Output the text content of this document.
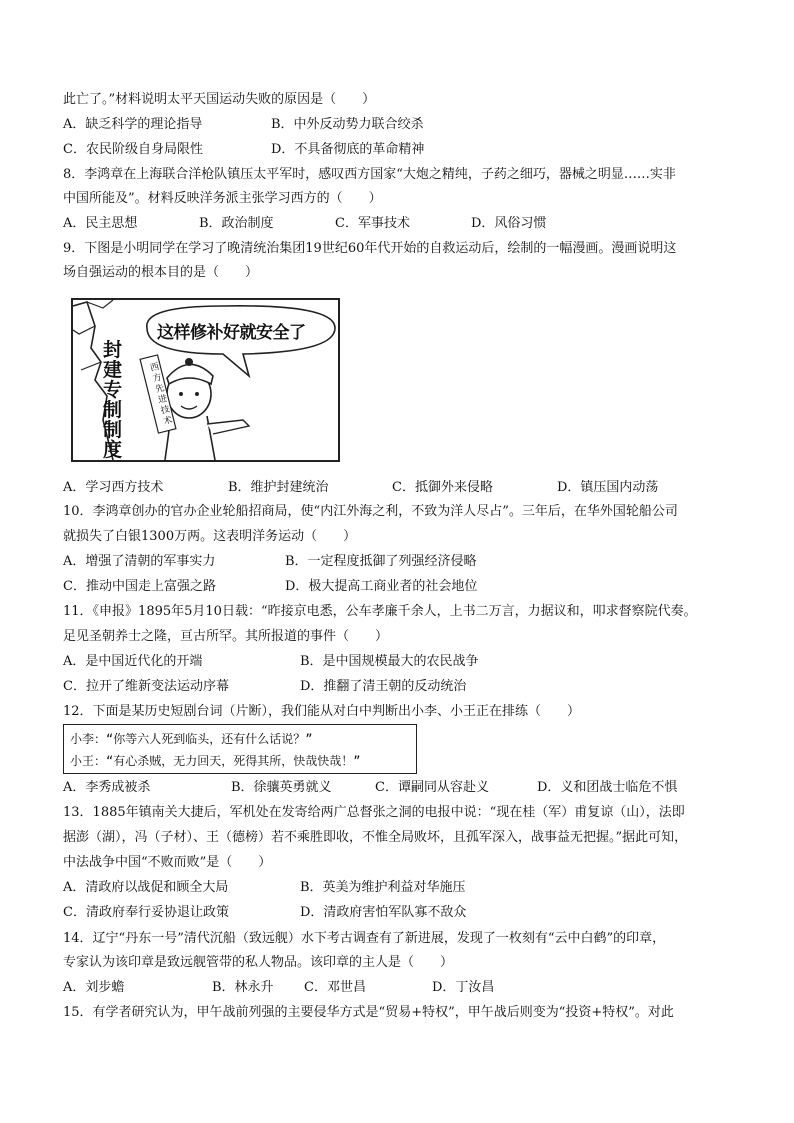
此亡了。”材料说明太平天国运动失败的原因是（　　）
A．缺乏科学的理论指导	B．中外反动势力联合绞杀
C．农民阶级自身局限性	D．不具备彻底的革命精神
8．李鸿章在上海联合洋枪队镇压太平军时，感叹西方国家“大炮之精纯，子药之细巧，器械之明显……实非
中国所能及”。材料反映洋务派主张学习西方的（　　）
A．民主思想	B．政治制度	C．军事技术	D．风俗习惯
9．下图是小明同学在学习了晚清统治集团19世纪60年代开始的自救运动后，绘制的一幅漫画。漫画说明这
场自强运动的根本目的是（　　）
这样修补好就安全了
封建专制制度
西方先进技术
A．学习西方技术	B．维护封建统治	C．抵御外来侵略	D．镇压国内动荡
10．李鸿章创办的官办企业轮船招商局，使“内江外海之利，不致为洋人尽占”。三年后，在华外国轮船公司
就损失了白银1300万两。这表明洋务运动（　　）
A．增强了清朝的军事实力	B．一定程度抵御了列强经济侵略
C．推动中国走上富强之路	D．极大提高工商业者的社会地位
11．《申报》1895年5月10日载：“昨接京电悉，公车孝廉千余人，上书二万言，力据议和，叩求督察院代奏。
足见圣朝养士之隆，亘古所罕。其所报道的事件（　　）
A．是中国近代化的开端	B．是中国规模最大的农民战争
C．拉开了维新变法运动序幕	D．推翻了清王朝的反动统治
12．下面是某历史短剧台词（片断），我们能从对白中判断出小李、小王正在排练（　　）
小李：“你等六人死到临头，还有什么话说？”
小王：“有心杀贼，无力回天，死得其所，快哉快哉！”
A．李秀成被杀	B．徐骧英勇就义	C．谭嗣同从容赴义	D．义和团战士临危不惧
13．1885年镇南关大捷后，军机处在发寄给两广总督张之洞的电报中说：“现在桂（军）甫复谅（山），法即
据澎（湖），冯（子材）、王（德榜）若不乘胜即收，不惟全局败坏，且孤军深入，战事益无把握。”据此可知，
中法战争中国“不败而败”是（　　）
A．清政府以战促和顾全大局	B．英美为维护利益对华施压
C．清政府奉行妥协退让政策	D．清政府害怕军队寡不敌众
14．辽宁“丹东一号”清代沉船（致远舰）水下考古调查有了新进展，发现了一枚刻有“云中白鹤”的印章，
专家认为该印章是致远舰管带的私人物品。该印章的主人是（　　）
A．刘步蟾	B．林永升 C．邓世昌	D．丁汝昌
15．有学者研究认为，甲午战前列强的主要侵华方式是“贸易+特权”，甲午战后则变为“投资+特权”。对此
